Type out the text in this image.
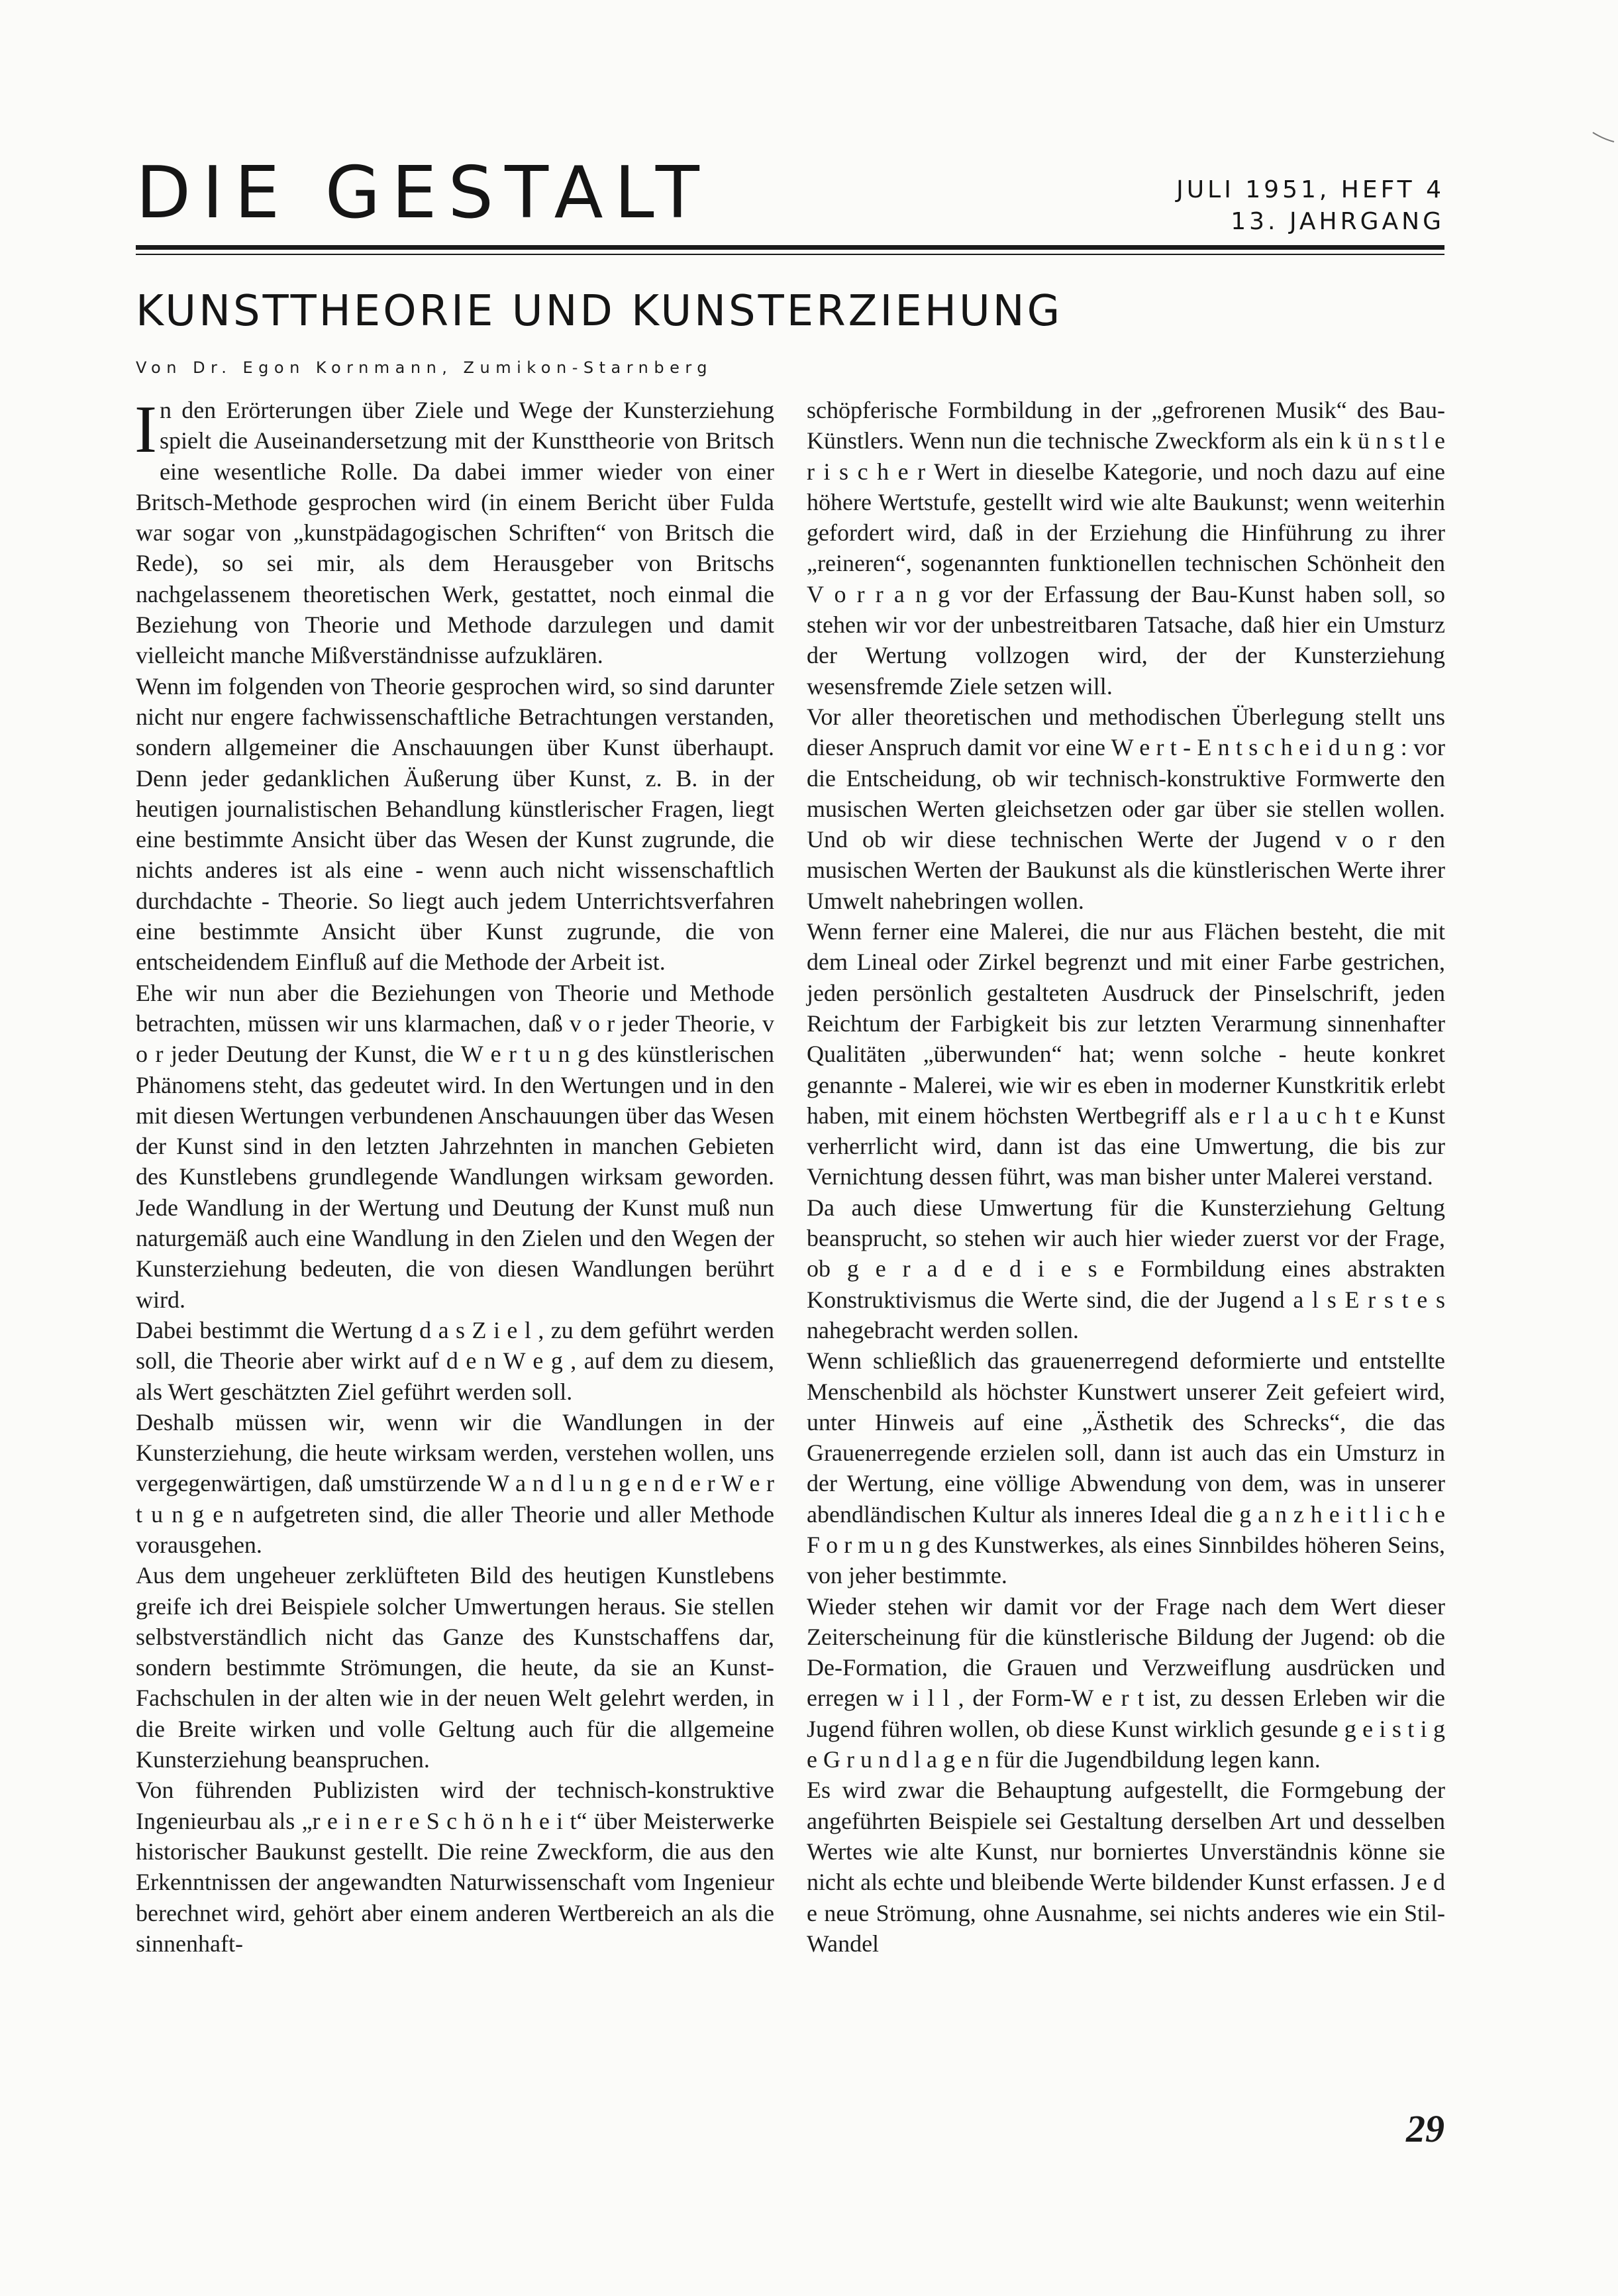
DIE GESTALT	JULI 1951, HEFT 4
13. JAHRGANG
KUNSTTHEORIE UND KUNSTERZIEHUNG
Von Dr. Egon Kornmann, Zumikon-Starnberg

In den Erörterungen über Ziele und Wege der Kunsterziehung spielt die Auseinandersetzung mit der Kunsttheorie von Britsch eine wesentliche Rolle. Da dabei immer wieder von einer Britsch-Methode gesprochen wird (in einem Bericht über Fulda war sogar von „kunstpädagogischen Schriften“ von Britsch die Rede), so sei mir, als dem Herausgeber von Britschs nachgelassenem theoretischen Werk, gestattet, noch einmal die Beziehung von Theorie und Methode darzulegen und damit vielleicht manche Mißverständnisse aufzuklären.

Wenn im folgenden von Theorie gesprochen wird, so sind darunter nicht nur engere fachwissenschaftliche Betrachtungen verstanden, sondern allgemeiner die Anschauungen über Kunst überhaupt. Denn jeder gedanklichen Äußerung über Kunst, z. B. in der heutigen journalistischen Behandlung künstlerischer Fragen, liegt eine bestimmte Ansicht über das Wesen der Kunst zugrunde, die nichts anderes ist als eine - wenn auch nicht wissenschaftlich durchdachte - Theorie. So liegt auch jedem Unterrichtsverfahren eine bestimmte Ansicht über Kunst zugrunde, die von entscheidendem Einfluß auf die Methode der Arbeit ist.

Ehe wir nun aber die Beziehungen von Theorie und Methode betrachten, müssen wir uns klarmachen, daß v o r jeder Theorie, v o r jeder Deutung der Kunst, die W e r t u n g des künstlerischen Phänomens steht, das gedeutet wird. In den Wertungen und in den mit diesen Wertungen verbundenen Anschauungen über das Wesen der Kunst sind in den letzten Jahrzehnten in manchen Gebieten des Kunstlebens grundlegende Wandlungen wirksam geworden. Jede Wandlung in der Wertung und Deutung der Kunst muß nun naturgemäß auch eine Wandlung in den Zielen und den Wegen der Kunsterziehung bedeuten, die von diesen Wandlungen berührt wird.

Dabei bestimmt die Wertung d a s Z i e l , zu dem geführt werden soll, die Theorie aber wirkt auf d e n W e g , auf dem zu diesem, als Wert geschätzten Ziel geführt werden soll.

Deshalb müssen wir, wenn wir die Wandlungen in der Kunsterziehung, die heute wirksam werden, verstehen wollen, uns vergegenwärtigen, daß umstürzende W a n d l u n g e n d e r W e r t u n g e n aufgetreten sind, die aller Theorie und aller Methode vorausgehen.

Aus dem ungeheuer zerklüfteten Bild des heutigen Kunstlebens greife ich drei Beispiele solcher Umwertungen heraus. Sie stellen selbstverständlich nicht das Ganze des Kunstschaffens dar, sondern bestimmte Strömungen, die heute, da sie an Kunst-Fachschulen in der alten wie in der neuen Welt gelehrt werden, in die Breite wirken und volle Geltung auch für die allgemeine Kunsterziehung beanspruchen.

Von führenden Publizisten wird der technisch-konstruktive Ingenieurbau als „r e i n e r e S c h ö n h e i t“ über Meisterwerke historischer Baukunst gestellt. Die reine Zweckform, die aus den Erkenntnissen der angewandten Naturwissenschaft vom Ingenieur berechnet wird, gehört aber einem anderen Wertbereich an als die sinnenhaft-

schöpferische Formbildung in der „gefrorenen Musik“ des Bau-Künstlers. Wenn nun die technische Zweckform als ein k ü n s t l e r i s c h e r Wert in dieselbe Kategorie, und noch dazu auf eine höhere Wertstufe, gestellt wird wie alte Baukunst; wenn weiterhin gefordert wird, daß in der Erziehung die Hinführung zu ihrer „reineren“, sogenannten funktionellen technischen Schönheit den V o r r a n g vor der Erfassung der Bau-Kunst haben soll, so stehen wir vor der unbestreitbaren Tatsache, daß hier ein Umsturz der Wertung vollzogen wird, der der Kunsterziehung wesensfremde Ziele setzen will.

Vor aller theoretischen und methodischen Überlegung stellt uns dieser Anspruch damit vor eine W e r t - E n t s c h e i d u n g : vor die Entscheidung, ob wir technisch-konstruktive Formwerte den musischen Werten gleichsetzen oder gar über sie stellen wollen. Und ob wir diese technischen Werte der Jugend v o r den musischen Werten der Baukunst als die künstlerischen Werte ihrer Umwelt nahebringen wollen.

Wenn ferner eine Malerei, die nur aus Flächen besteht, die mit dem Lineal oder Zirkel begrenzt und mit einer Farbe gestrichen, jeden persönlich gestalteten Ausdruck der Pinselschrift, jeden Reichtum der Farbigkeit bis zur letzten Verarmung sinnenhafter Qualitäten „überwunden“ hat; wenn solche - heute konkret genannte - Malerei, wie wir es eben in moderner Kunstkritik erlebt haben, mit einem höchsten Wertbegriff als e r l a u c h t e Kunst verherrlicht wird, dann ist das eine Umwertung, die bis zur Vernichtung dessen führt, was man bisher unter Malerei verstand.

Da auch diese Umwertung für die Kunsterziehung Geltung beansprucht, so stehen wir auch hier wieder zuerst vor der Frage, ob g e r a d e d i e s e Formbildung eines abstrakten Konstruktivismus die Werte sind, die der Jugend a l s E r s t e s nahegebracht werden sollen.

Wenn schließlich das grauenerregend deformierte und entstellte Menschenbild als höchster Kunstwert unserer Zeit gefeiert wird, unter Hinweis auf eine „Ästhetik des Schrecks“, die das Grauenerregende erzielen soll, dann ist auch das ein Umsturz in der Wertung, eine völlige Abwendung von dem, was in unserer abendländischen Kultur als inneres Ideal die g a n z h e i t l i c h e F o r m u n g des Kunstwerkes, als eines Sinnbildes höheren Seins, von jeher bestimmte.

Wieder stehen wir damit vor der Frage nach dem Wert dieser Zeiterscheinung für die künstlerische Bildung der Jugend: ob die De-Formation, die Grauen und Verzweiflung ausdrücken und erregen w i l l , der Form-W e r t ist, zu dessen Erleben wir die Jugend führen wollen, ob diese Kunst wirklich gesunde g e i s t i g e G r u n d l a g e n für die Jugendbildung legen kann.

Es wird zwar die Behauptung aufgestellt, die Formgebung der angeführten Beispiele sei Gestaltung derselben Art und desselben Wertes wie alte Kunst, nur borniertes Unverständnis könne sie nicht als echte und bleibende Werte bildender Kunst erfassen. J e d e neue Strömung, ohne Ausnahme, sei nichts anderes wie ein Stil-Wandel

29
